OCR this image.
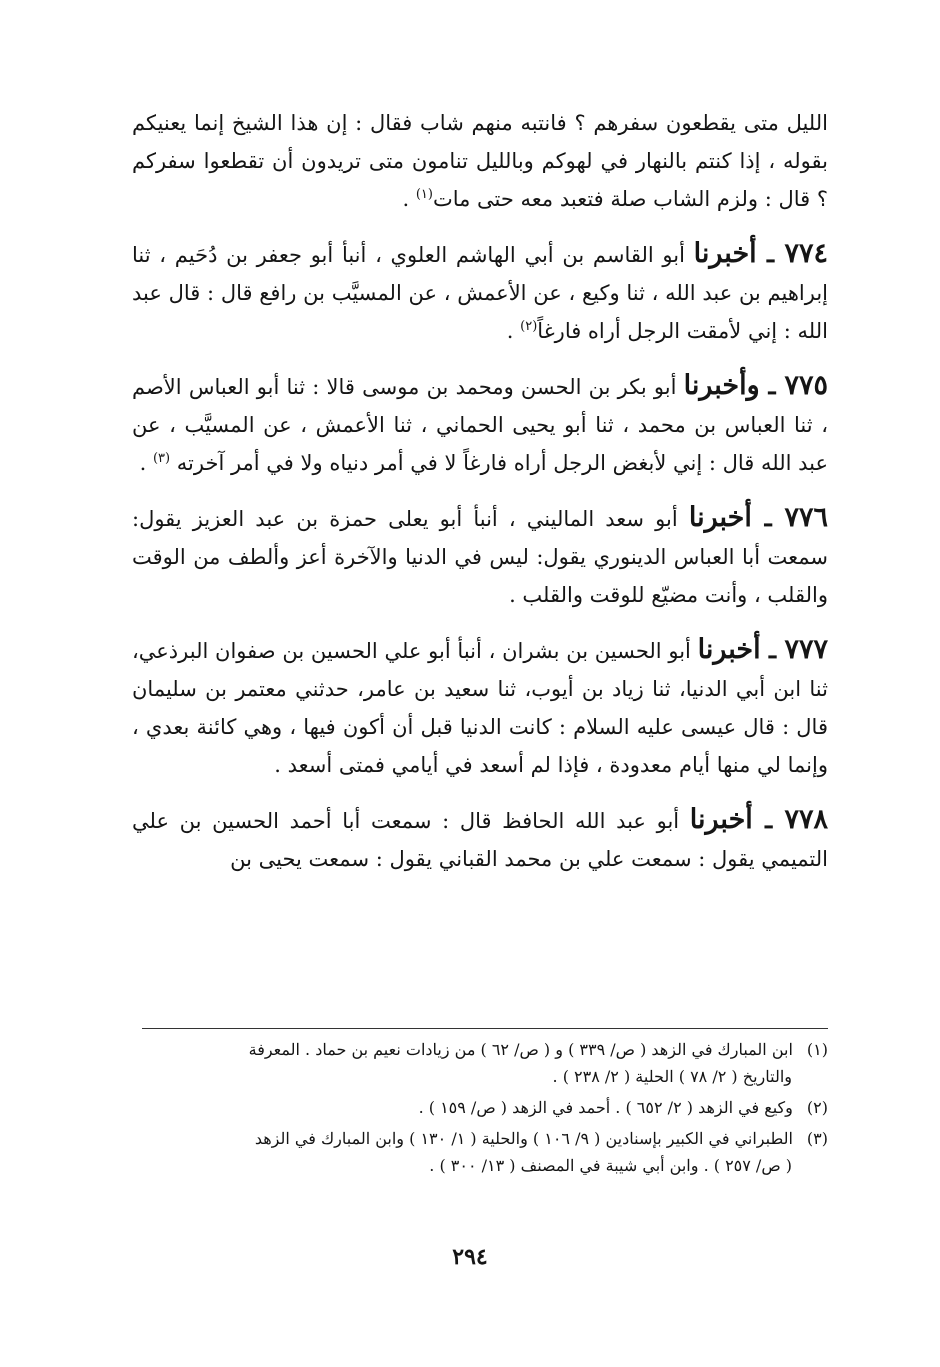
الليل متى يقطعون سفرهم ؟ فانتبه منهم شاب فقال : إن هذا الشيخ إنما يعنيكم بقوله ، إذا كنتم بالنهار في لهوكم وبالليل تنامون متى تريدون أن تقطعوا سفركم ؟ قال : ولزم الشاب صلة فتعبد معه حتى مات$^{(١)}$ .

٧٧٤ ـ أخبرنا أبو القاسم بن أبي الهاشم العلوي ، أنبأ أبو جعفر بن دُحَيم ، ثنا إبراهيم بن عبد الله ، ثنا وكيع ، عن الأعمش ، عن المسيَّب بن رافع قال : قال عبد الله : إني لأمقت الرجل أراه فارغاً$^{(٢)}$ .

٧٧٥ ـ وأخبرنا أبو بكر بن الحسن ومحمد بن موسى قالا : ثنا أبو العباس الأصم ، ثنا العباس بن محمد ، ثنا أبو يحيى الحماني ، ثنا الأعمش ، عن المسيَّب ، عن عبد الله قال : إني لأبغض الرجل أراه فارغاً لا في أمر دنياه ولا في أمر آخرته $^{(٣)}$ .

٧٧٦ ـ أخبرنا أبو سعد الماليني ، أنبأ أبو يعلى حمزة بن عبد العزيز يقول: سمعت أبا العباس الدينوري يقول: ليس في الدنيا والآخرة أعز وألطف من الوقت والقلب ، وأنت مضيّع للوقت والقلب .

٧٧٧ ـ أخبرنا أبو الحسين بن بشران ، أنبأ أبو علي الحسين بن صفوان البرذعي، ثنا ابن أبي الدنيا، ثنا زياد بن أيوب، ثنا سعيد بن عامر، حدثني معتمر بن سليمان قال : قال عيسى عليه السلام : كانت الدنيا قبل أن أكون فيها ، وهي كائنة بعدي ، وإنما لي منها أيام معدودة ، فإذا لم أسعد في أيامي فمتى أسعد .

٧٧٨ ـ أخبرنا أبو عبد الله الحافظ قال : سمعت أبا أحمد الحسين بن علي التميمي يقول : سمعت علي بن محمد القباني يقول : سمعت يحيى بن

(١) ابن المبارك في الزهد ( ص/ ٣٣٩ ) و ( ص/ ٦٢ ) من زيادات نعيم بن حماد . المعرفة
والتاريخ ( ٢/ ٧٨ ) الحلية ( ٢/ ٢٣٨ ) .
(٢) وكيع في الزهد ( ٢/ ٦٥٢ ) . أحمد في الزهد ( ص/ ١٥٩ ) .
(٣) الطبراني في الكبير بإسنادين ( ٩/ ١٠٦ ) والحلية ( ١/ ١٣٠ ) وابن المبارك في الزهد
( ص/ ٢٥٧ ) . وابن أبي شيبة في المصنف ( ١٣/ ٣٠٠ ) .
٢٩٤
